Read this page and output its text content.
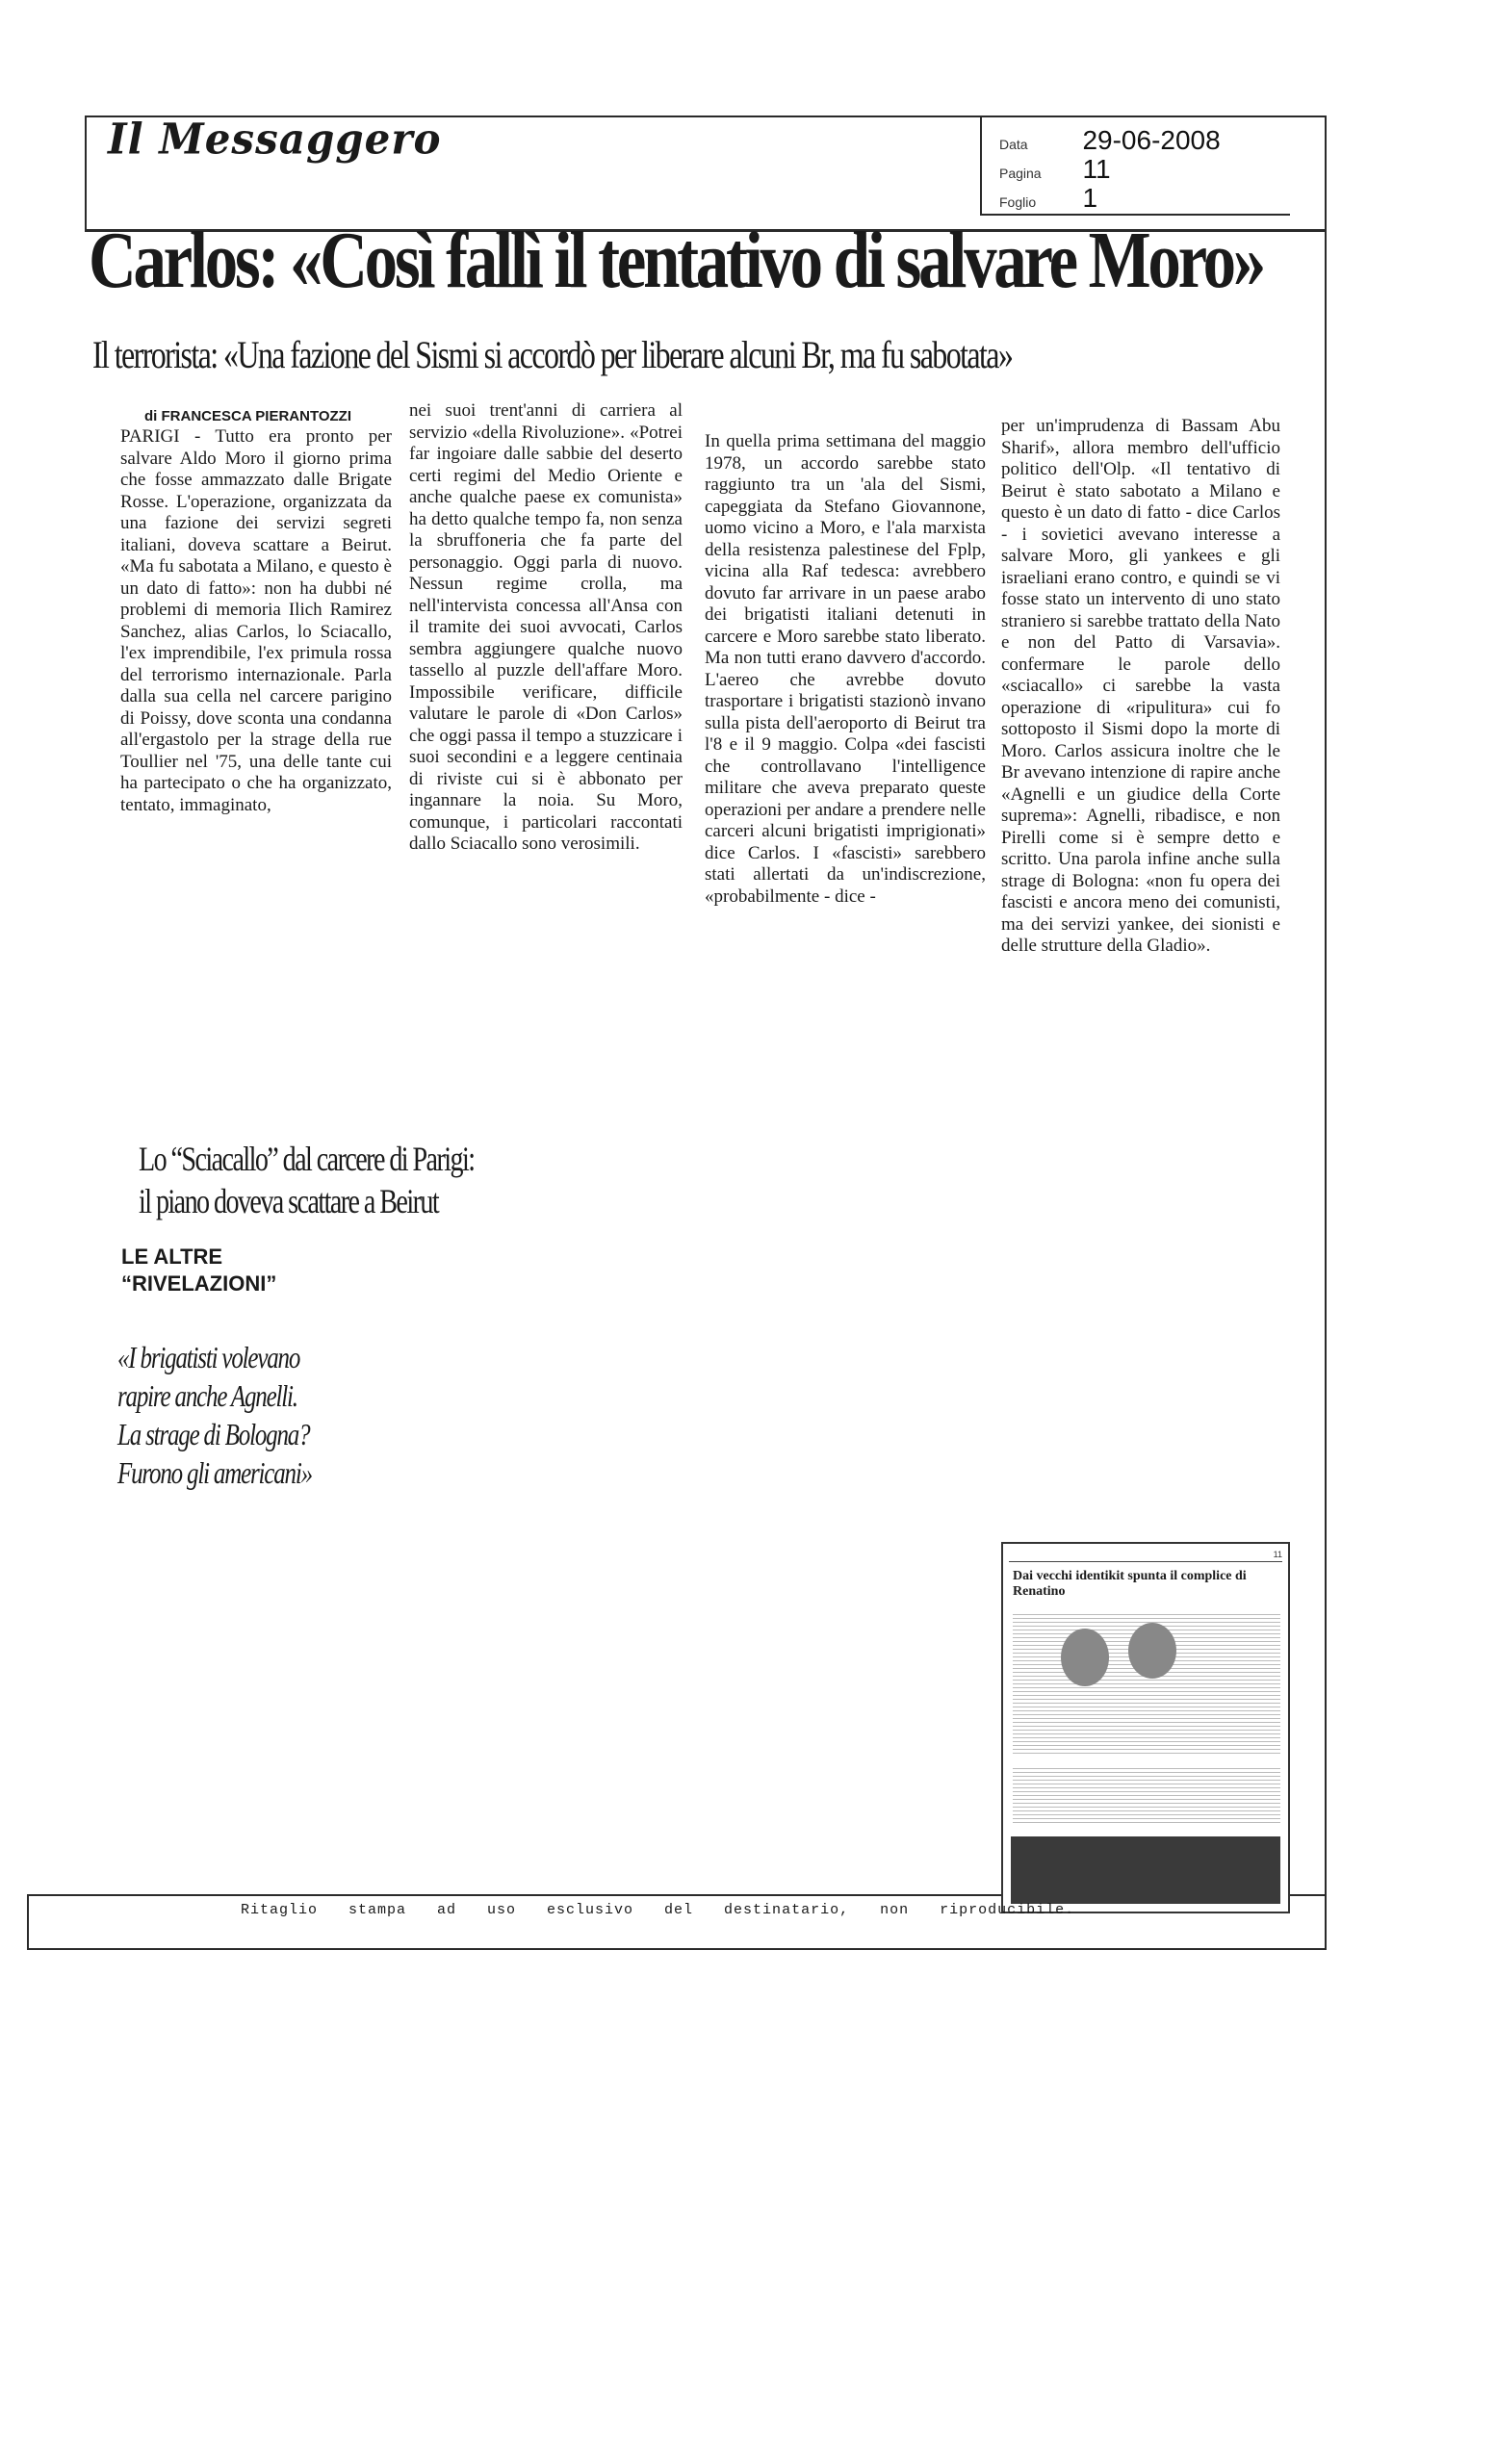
Il Messaggero	Data 29-06-2008
Pagina 11
Foglio 1
Carlos: «Così fallì il tentativo di salvare Moro»
Il terrorista: «Una fazione del Sismi si accordò per liberare alcuni Br, ma fu sabotata»
di FRANCESCA PIERANTOZZI

PARIGI - Tutto era pronto per salvare Aldo Moro il giorno prima che fosse ammazzato dalle Brigate Rosse. L'operazione, organizzata da una fazione dei servizi segreti italiani, doveva scattare a Beirut. «Ma fu sabotata a Milano, e questo è un dato di fatto»: non ha dubbi né problemi di memoria Ilich Ramirez Sanchez, alias Carlos, lo Sciacallo, l'ex imprendibile, l'ex primula rossa del terrorismo internazionale. Parla dalla sua cella nel carcere parigino di Poissy, dove sconta una condanna all'ergastolo per la strage della rue Toullier nel '75, una delle tante cui ha partecipato o che ha organizzato, tentato, immaginato,

nei suoi trent'anni di carriera al servizio «della Rivoluzione». «Potrei far ingoiare dalle sabbie del deserto certi regimi del Medio Oriente e anche qualche paese ex comunista» ha detto qualche tempo fa, non senza la sbruffoneria che fa parte del personaggio. Oggi parla di nuovo. Nessun regime crolla, ma nell'intervista concessa all'Ansa con il tramite dei suoi avvocati, Carlos sembra aggiungere qualche nuovo tassello al puzzle dell'affare Moro. Impossibile verificare, difficile valutare le parole di «Don Carlos» che oggi passa il tempo a stuzzicare i suoi secondini e a leggere centinaia di riviste cui si è abbonato per ingannare la noia. Su Moro, comunque, i particolari raccontati dallo Sciacallo sono verosimili.

In quella prima settimana del maggio 1978, un accordo sarebbe stato raggiunto tra un 'ala del Sismi, capeggiata da Stefano Giovannone, uomo vicino a Moro, e l'ala marxista della resistenza palestinese del Fplp, vicina alla Raf tedesca: avrebbero dovuto far arrivare in un paese arabo dei brigatisti italiani detenuti in carcere e Moro sarebbe stato liberato. Ma non tutti erano davvero d'accordo. L'aereo che avrebbe dovuto trasportare i brigatisti stazionò invano sulla pista dell'aeroporto di Beirut tra l'8 e il 9 maggio. Colpa «dei fascisti che controllavano l'intelligence militare che aveva preparato queste operazioni per andare a prendere nelle carceri alcuni brigatisti imprigionati» dice Carlos. I «fascisti» sarebbero stati allertati da un'indiscrezione, «probabilmente - dice -

per un'imprudenza di Bassam Abu Sharif», allora membro dell'ufficio politico dell'Olp. «Il tentativo di Beirut è stato sabotato a Milano e questo è un dato di fatto - dice Carlos - i sovietici avevano interesse a salvare Moro, gli yankees e gli israeliani erano contro, e quindi se vi fosse stato un intervento di uno stato straniero si sarebbe trattato della Nato e non del Patto di Varsavia». confermare le parole dello «sciacallo» ci sarebbe la vasta operazione di «ripulitura» cui fo sottoposto il Sismi dopo la morte di Moro. Carlos assicura inoltre che le Br avevano intenzione di rapire anche «Agnelli e un giudice della Corte suprema»: Agnelli, ribadisce, e non Pirelli come si è sempre detto e scritto. Una parola infine anche sulla strage di Bologna: «non fu opera dei fascisti e ancora meno dei comunisti, ma dei servizi yankee, dei sionisti e delle strutture della Gladio».

Lo “Sciacallo” dal carcere di Parigi:
il piano doveva scattare a Beirut
LE ALTRE
“RIVELAZIONI”
«I brigatisti volevano
rapire anche Agnelli.
La strage di Bologna?
Furono gli americani»
11
Dai vecchi identikit spunta il complice di Renatino
Ritaglio stampa ad uso esclusivo del destinatario, non riproducibile.
